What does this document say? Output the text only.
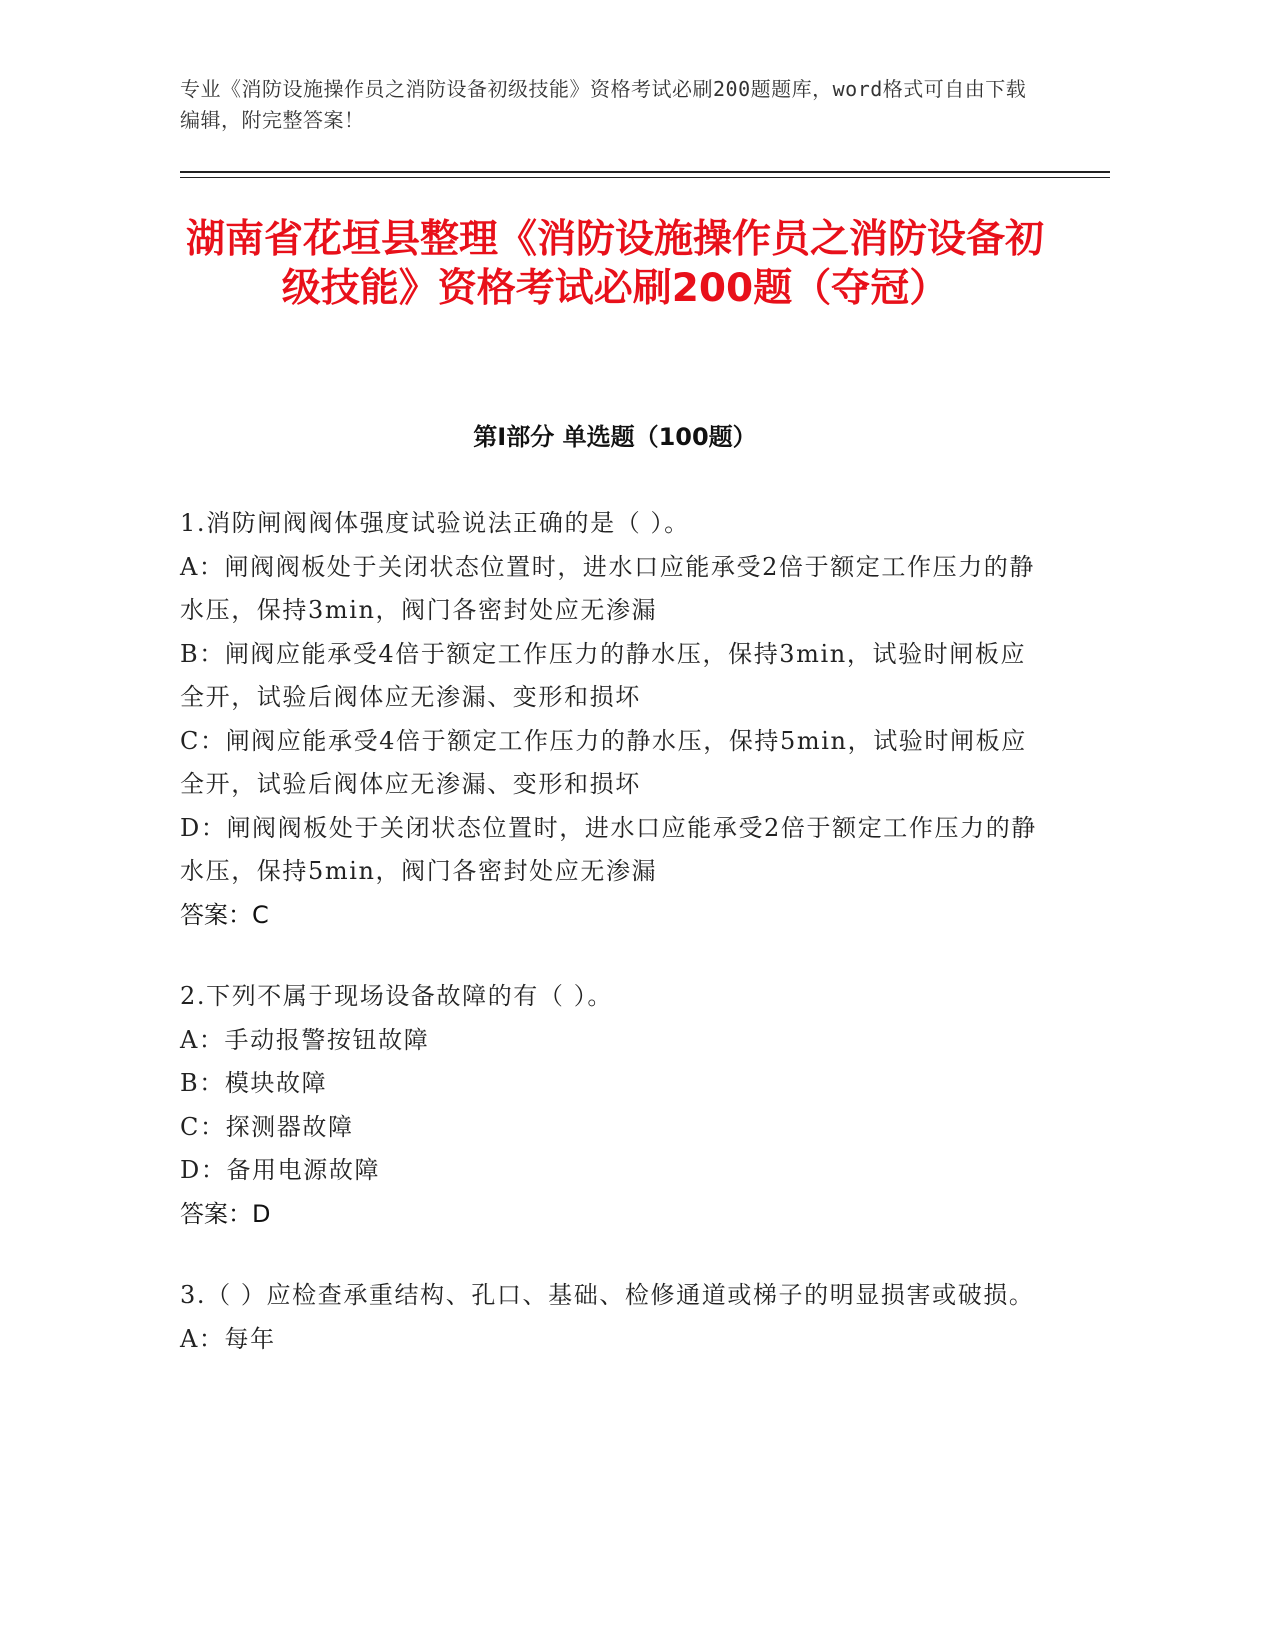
专业《消防设施操作员之消防设备初级技能》资格考试必刷200题题库，word格式可自由下载编辑，附完整答案！
湖南省花垣县整理《消防设施操作员之消防设备初级技能》资格考试必刷200题（夺冠）
第Ⅰ部分 单选题（100题）

1.消防闸阀阀体强度试验说法正确的是（ ）。

A：闸阀阀板处于关闭状态位置时，进水口应能承受2倍于额定工作压力的静水压，保持3min，阀门各密封处应无渗漏

B：闸阀应能承受4倍于额定工作压力的静水压，保持3min，试验时闸板应全开，试验后阀体应无渗漏、变形和损坏

C：闸阀应能承受4倍于额定工作压力的静水压，保持5min，试验时闸板应全开，试验后阀体应无渗漏、变形和损坏

D：闸阀阀板处于关闭状态位置时，进水口应能承受2倍于额定工作压力的静水压，保持5min，阀门各密封处应无渗漏

答案：C

2.下列不属于现场设备故障的有（ ）。

A：手动报警按钮故障

B：模块故障

C：探测器故障

D：备用电源故障

答案：D

3.（ ）应检查承重结构、孔口、基础、检修通道或梯子的明显损害或破损。

A：每年
